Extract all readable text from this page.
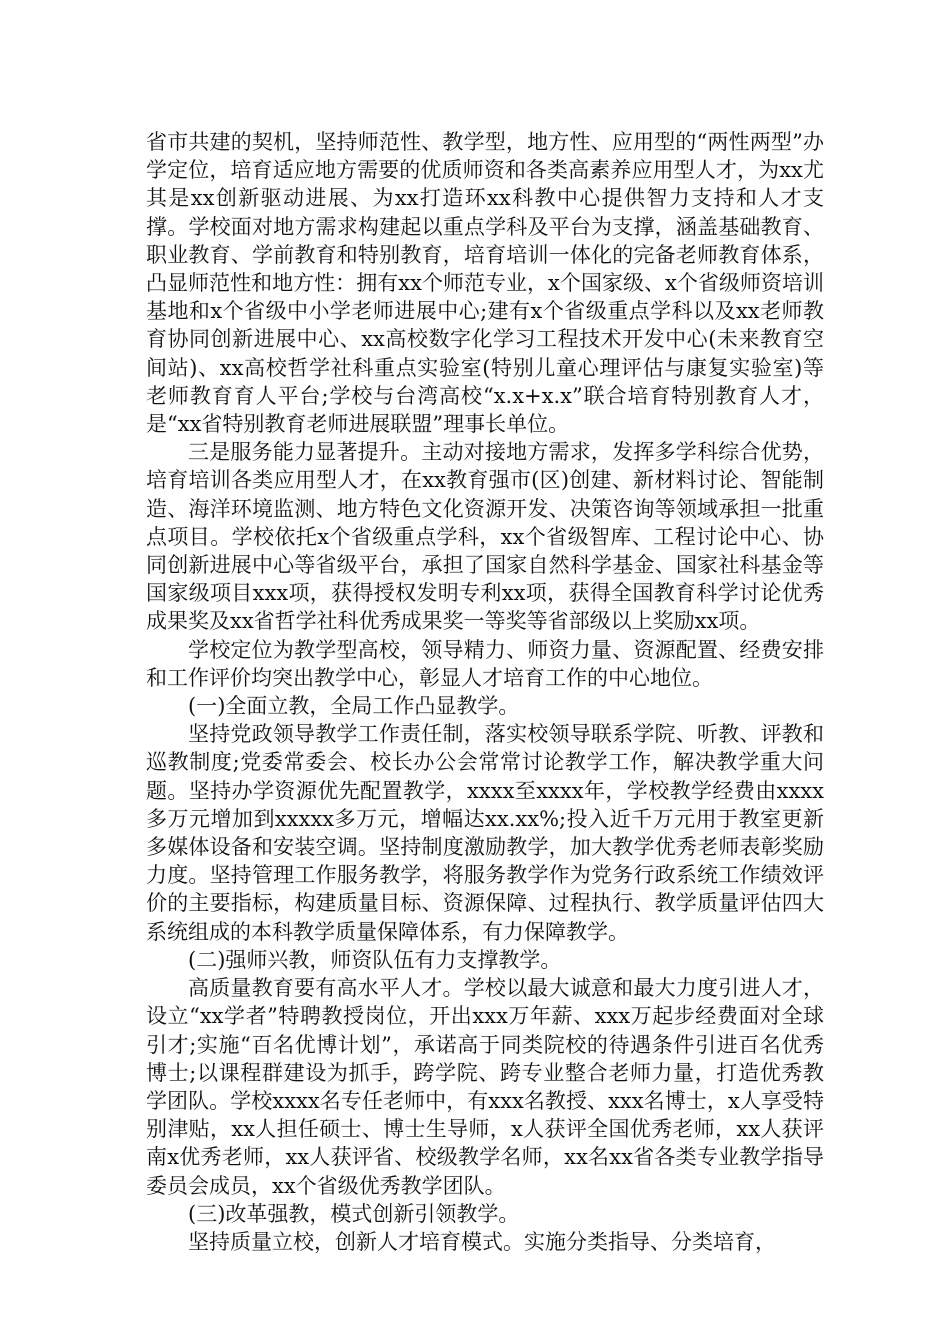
省市共建的契机，坚持师范性、教学型，地方性、应用型的“两性两型”办学定位，培育适应地方需要的优质师资和各类高素养应用型人才，为xx尤其是xx创新驱动进展、为xx打造环xx科教中心提供智力支持和人才支撑。学校面对地方需求构建起以重点学科及平台为支撑，涵盖基础教育、职业教育、学前教育和特别教育，培育培训一体化的完备老师教育体系，凸显师范性和地方性：拥有xx个师范专业，x个国家级、x个省级师资培训基地和x个省级中小学老师进展中心;建有x个省级重点学科以及xx老师教育协同创新进展中心、xx高校数字化学习工程技术开发中心(未来教育空间站)、xx高校哲学社科重点实验室(特别儿童心理评估与康复实验室)等老师教育育人平台;学校与台湾高校“x.x+x.x”联合培育特别教育人才，是“xx省特别教育老师进展联盟”理事长单位。

三是服务能力显著提升。主动对接地方需求，发挥多学科综合优势，培育培训各类应用型人才，在xx教育强市(区)创建、新材料讨论、智能制造、海洋环境监测、地方特色文化资源开发、决策咨询等领域承担一批重点项目。学校依托x个省级重点学科，xx个省级智库、工程讨论中心、协同创新进展中心等省级平台，承担了国家自然科学基金、国家社科基金等国家级项目xxx项，获得授权发明专利xx项，获得全国教育科学讨论优秀成果奖及xx省哲学社科优秀成果奖一等奖等省部级以上奖励xx项。

学校定位为教学型高校，领导精力、师资力量、资源配置、经费安排和工作评价均突出教学中心，彰显人才培育工作的中心地位。

(一)全面立教，全局工作凸显教学。

坚持党政领导教学工作责任制，落实校领导联系学院、听教、评教和巡教制度;党委常委会、校长办公会常常讨论教学工作，解决教学重大问题。坚持办学资源优先配置教学，xxxx至xxxx年，学校教学经费由xxxx多万元增加到xxxxx多万元，增幅达xx.xx%;投入近千万元用于教室更新多媒体设备和安装空调。坚持制度激励教学，加大教学优秀老师表彰奖励力度。坚持管理工作服务教学，将服务教学作为党务行政系统工作绩效评价的主要指标，构建质量目标、资源保障、过程执行、教学质量评估四大系统组成的本科教学质量保障体系，有力保障教学。

(二)强师兴教，师资队伍有力支撑教学。

高质量教育要有高水平人才。学校以最大诚意和最大力度引进人才，设立“xx学者”特聘教授岗位，开出xxx万年薪、xxx万起步经费面对全球引才;实施“百名优博计划”，承诺高于同类院校的待遇条件引进百名优秀博士;以课程群建设为抓手，跨学院、跨专业整合老师力量，打造优秀教学团队。学校xxxx名专任老师中，有xxx名教授、xxx名博士，x人享受特别津贴，xx人担任硕士、博士生导师，x人获评全国优秀老师，xx人获评南x优秀老师，xx人获评省、校级教学名师，xx名xx省各类专业教学指导委员会成员，xx个省级优秀教学团队。

(三)改革强教，模式创新引领教学。

坚持质量立校，创新人才培育模式。实施分类指导、分类培育，
